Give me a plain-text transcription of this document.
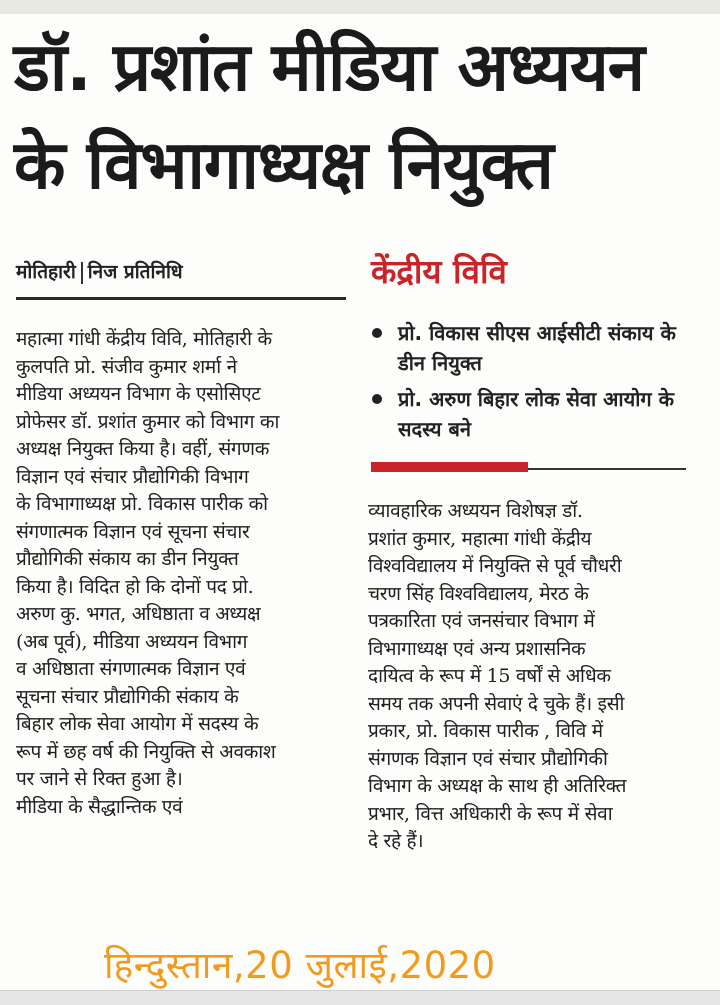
डॉ. प्रशांत मीडिया अध्ययन
के विभागाध्यक्ष नियुक्त
मोतिहारी निज प्रतिनिधि	केंद्रीय विवि
प्रो. विकास सीएस आईसीटी संकाय के डीन नियुक्त
प्रो. अरुण बिहार लोक सेवा आयोग के सदस्य बने

महात्मा गांधी केंद्रीय विवि, मोतिहारी के
कुलपति प्रो. संजीव कुमार शर्मा ने
मीडिया अध्ययन विभाग के एसोसिएट
प्रोफेसर डॉ. प्रशांत कुमार को विभाग का
अध्यक्ष नियुक्त किया है। वहीं, संगणक
विज्ञान एवं संचार प्रौद्योगिकी विभाग
के विभागाध्यक्ष प्रो. विकास पारीक को
संगणात्मक विज्ञान एवं सूचना संचार
प्रौद्योगिकी संकाय का डीन नियुक्त
किया है। विदित हो कि दोनों पद प्रो.
अरुण कु. भगत, अधिष्ठाता व अध्यक्ष
(अब पूर्व), मीडिया अध्ययन विभाग
व अधिष्ठाता संगणात्मक विज्ञान एवं
सूचना संचार प्रौद्योगिकी संकाय के
बिहार लोक सेवा आयोग में सदस्य के
रूप में छह वर्ष की नियुक्ति से अवकाश
पर जाने से रिक्त हुआ है।
मीडिया के सैद्धान्तिक एवं

व्यावहारिक अध्ययन विशेषज्ञ डॉ.
प्रशांत कुमार, महात्मा गांधी केंद्रीय
विश्वविद्यालय में नियुक्ति से पूर्व चौधरी
चरण सिंह विश्वविद्यालय, मेरठ के
पत्रकारिता एवं जनसंचार विभाग में
विभागाध्यक्ष एवं अन्य प्रशासनिक
दायित्व के रूप में 15 वर्षों से अधिक
समय तक अपनी सेवाएं दे चुके हैं। इसी
प्रकार, प्रो. विकास पारीक , विवि में
संगणक विज्ञान एवं संचार प्रौद्योगिकी
विभाग के अध्यक्ष के साथ ही अतिरिक्त
प्रभार, वित्त अधिकारी के रूप में सेवा
दे रहे हैं।

हिन्दुस्तान,20 जुलाई,2020
